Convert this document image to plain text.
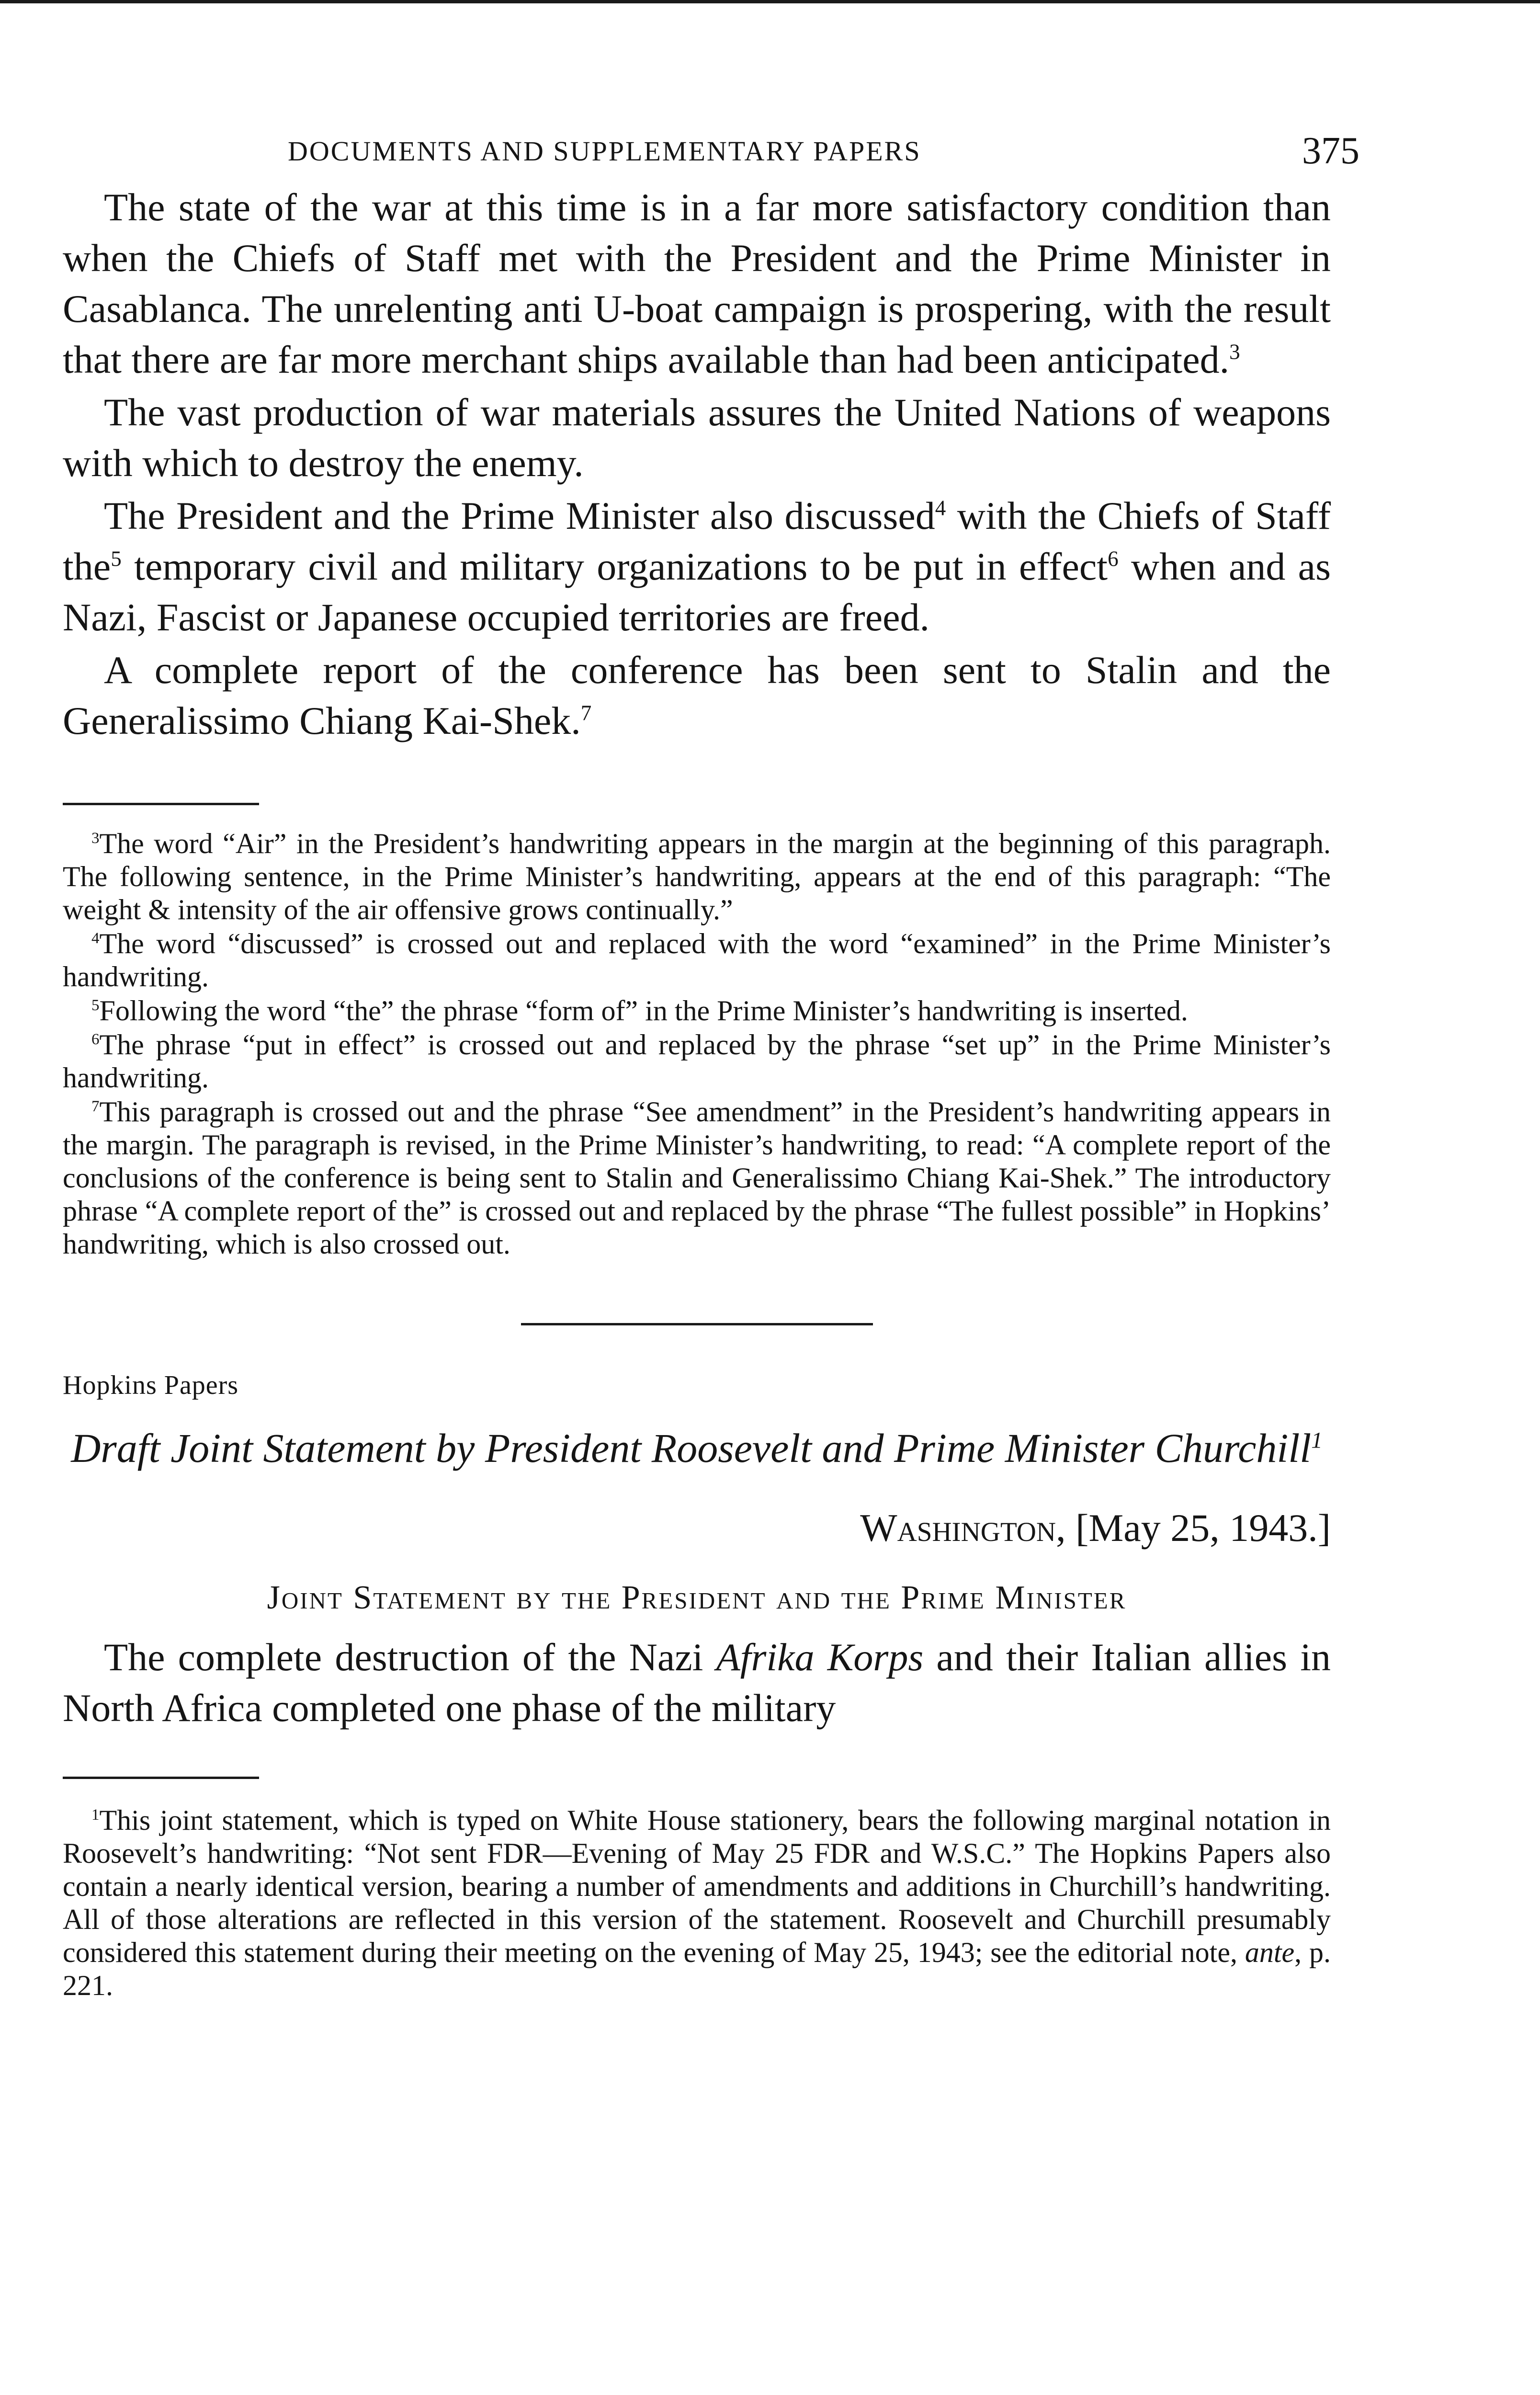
DOCUMENTS AND SUPPLEMENTARY PAPERS	375

The state of the war at this time is in a far more satisfactory condition than when the Chiefs of Staff met with the President and the Prime Minister in Casablanca. The unrelenting anti U-boat campaign is prospering, with the result that there are far more merchant ships available than had been anticipated.$^3$

The vast production of war materials assures the United Nations of weapons with which to destroy the enemy.

The President and the Prime Minister also discussed$^4$ with the Chiefs of Staff the$^5$ temporary civil and military organizations to be put in effect$^6$ when and as Nazi, Fascist or Japanese occupied territories are freed.

A complete report of the conference has been sent to Stalin and the Generalissimo Chiang Kai-Shek.$^7$

$^3$The word “Air” in the President’s handwriting appears in the margin at the beginning of this paragraph. The following sentence, in the Prime Minister’s handwriting, appears at the end of this paragraph: “The weight & intensity of the air offensive grows continually.”

$^4$The word “discussed” is crossed out and replaced with the word “examined” in the Prime Minister’s handwriting.

$^5$Following the word “the” the phrase “form of” in the Prime Minister’s handwriting is inserted.

$^6$The phrase “put in effect” is crossed out and replaced by the phrase “set up” in the Prime Minister’s handwriting.

$^7$This paragraph is crossed out and the phrase “See amendment” in the President’s handwriting appears in the margin. The paragraph is revised, in the Prime Minister’s handwriting, to read: “A complete report of the conclusions of the conference is being sent to Stalin and Generalissimo Chiang Kai-Shek.” The introductory phrase “A complete report of the” is crossed out and replaced by the phrase “The fullest possible” in Hopkins’ handwriting, which is also crossed out.

Hopkins Papers

Draft Joint Statement by President Roosevelt and Prime Minister Churchill$^1$

Washington, [May 25, 1943.]

Joint Statement by the President and the Prime Minister

The complete destruction of the Nazi Afrika Korps and their Italian allies in North Africa completed one phase of the military

$^1$This joint statement, which is typed on White House stationery, bears the following marginal notation in Roosevelt’s handwriting: “Not sent FDR—Evening of May 25 FDR and W.S.C.” The Hopkins Papers also contain a nearly identical version, bearing a number of amendments and additions in Churchill’s handwriting. All of those alterations are reflected in this version of the statement. Roosevelt and Churchill presumably considered this statement during their meeting on the evening of May 25, 1943; see the editorial note, ante, p. 221.
